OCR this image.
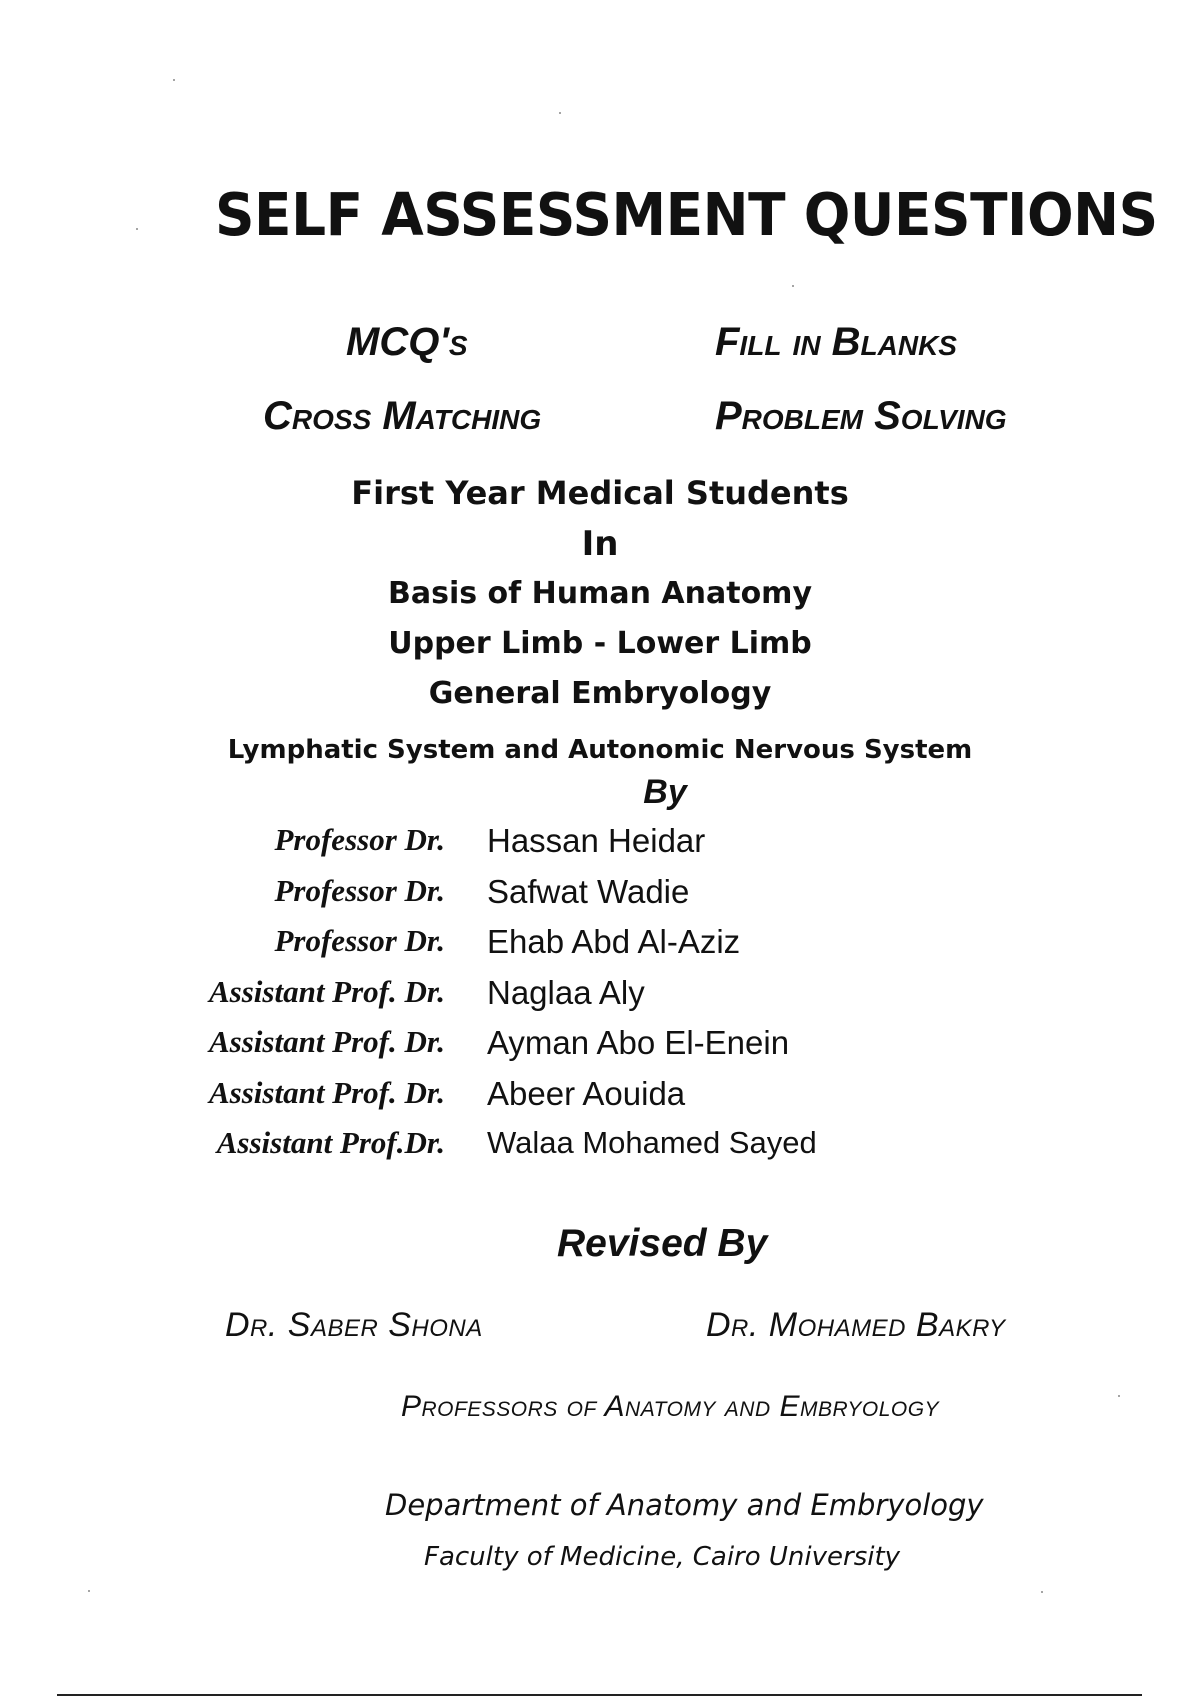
SELF ASSESSMENT QUESTIONS
MCQ's	Fill in Blanks
Cross Matching	Problem Solving
First Year Medical Students
In
Basis of Human Anatomy
Upper Limb - Lower Limb
General Embryology
Lymphatic System and Autonomic Nervous System
By
Professor Dr. Hassan Heidar
Professor Dr. Safwat Wadie
Professor Dr. Ehab Abd Al-Aziz
Assistant Prof. Dr. Naglaa Aly
Assistant Prof. Dr. Ayman Abo El-Enein
Assistant Prof. Dr. Abeer Aouida
Assistant Prof.Dr. Walaa Mohamed Sayed
Revised By
Dr. Saber Shona	Dr. Mohamed Bakry
Professors of Anatomy and Embryology
Department of Anatomy and Embryology
Faculty of Medicine, Cairo University
